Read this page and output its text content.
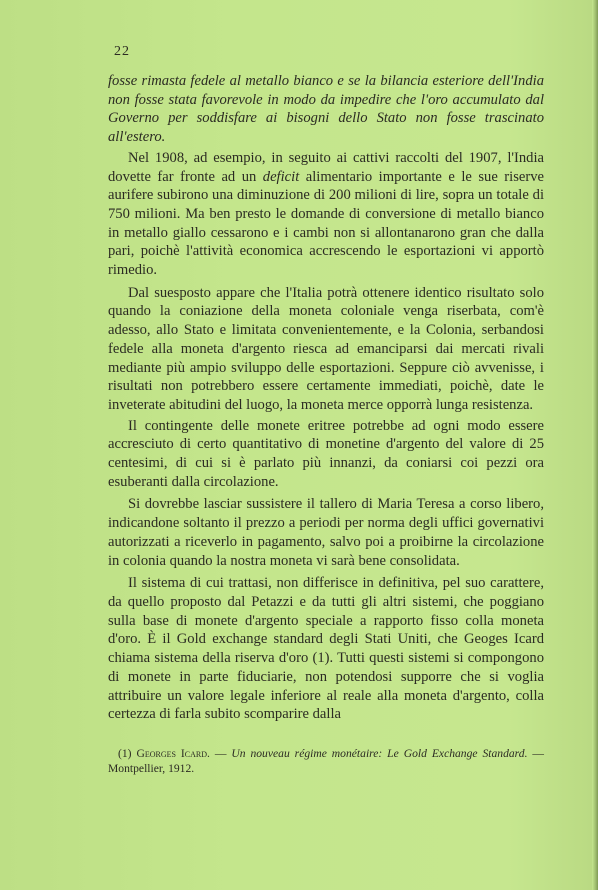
22

fosse rimasta fedele al metallo bianco e se la bilancia esteriore dell'India non fosse stata favorevole in modo da impedire che l'oro accumulato dal Governo per soddisfare ai bisogni dello Stato non fosse trascinato all'estero.

Nel 1908, ad esempio, in seguito ai cattivi raccolti del 1907, l'India dovette far fronte ad un deficit alimentario importante e le sue riserve aurifere subirono una diminuzione di 200 milioni di lire, sopra un totale di 750 milioni. Ma ben presto le domande di conversione di metallo bianco in metallo giallo cessarono e i cambi non si allontanarono gran che dalla pari, poichè l'attività economica accrescendo le esportazioni vi apportò rimedio.

Dal suesposto appare che l'Italia potrà ottenere identico risultato solo quando la coniazione della moneta coloniale venga riserbata, com'è adesso, allo Stato e limitata convenientemente, e la Colonia, serbandosi fedele alla moneta d'argento riesca ad emanciparsi dai mercati rivali mediante più ampio sviluppo delle esportazioni. Seppure ciò avvenisse, i risultati non potrebbero essere certamente immediati, poichè, date le inveterate abitudini del luogo, la moneta merce opporrà lunga resistenza.

Il contingente delle monete eritree potrebbe ad ogni modo essere accresciuto di certo quantitativo di monetine d'argento del valore di 25 centesimi, di cui si è parlato più innanzi, da coniarsi coi pezzi ora esuberanti dalla circolazione.

Si dovrebbe lasciar sussistere il tallero di Maria Teresa a corso libero, indicandone soltanto il prezzo a periodi per norma degli uffici governativi autorizzati a riceverlo in pagamento, salvo poi a proibirne la circolazione in colonia quando la nostra moneta vi sarà bene consolidata.

Il sistema di cui trattasi, non differisce in definitiva, pel suo carattere, da quello proposto dal Petazzi e da tutti gli altri sistemi, che poggiano sulla base di monete d'argento speciale a rapporto fisso colla moneta d'oro. È il Gold exchange standard degli Stati Uniti, che Geoges Icard chiama sistema della riserva d'oro (1). Tutti questi sistemi si compongono di monete in parte fiduciarie, non potendosi supporre che si voglia attribuire un valore legale inferiore al reale alla moneta d'argento, colla certezza di farla subito scomparire dalla

(1) Georges Icard. — Un nouveau régime monétaire: Le Gold Exchange Standard. — Montpellier, 1912.
